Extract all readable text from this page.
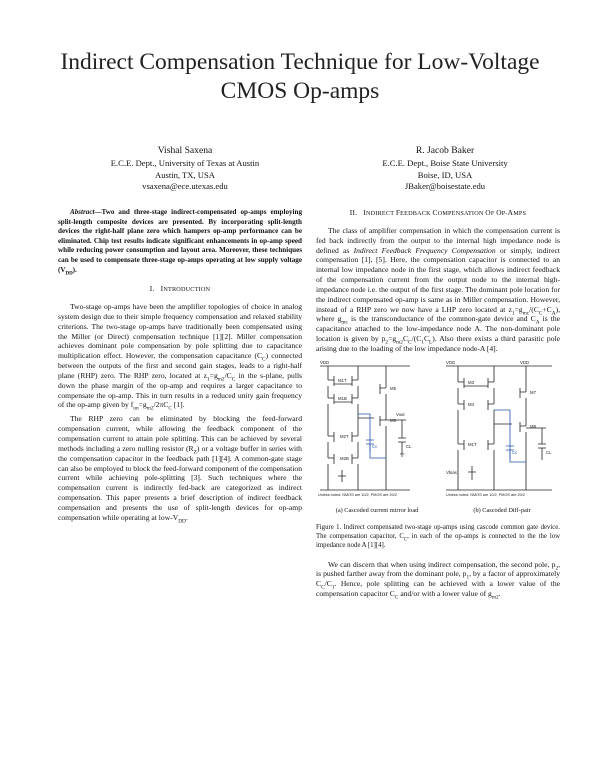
Indirect Compensation Technique for Low-Voltage
CMOS Op-amps
Vishal Saxena
E.C.E. Dept., University of Texas at Austin
Austin, TX, USA
vsaxena@ece.utexas.edu
R. Jacob Baker
E.C.E. Dept., Boise State University
Boise, ID, USA
JBaker@boisestate.edu

Abstract—Two and three-stage indirect-compensated op-amps employing split-length composite devices are presented. By incorporating split-length devices the right-half plane zero which hampers op-amp performance can be eliminated. Chip test results indicate significant enhancements in op-amp speed while reducing power consumption and layout area. Moreover, these techniques can be used to compensate three-stage op-amps operating at low supply voltage $(V_{DD})$.

I. INTRODUCTION

Two-stage op-amps have been the amplifier topologies of choice in analog system design due to their simple frequency compensation and relaxed stability criterions. The two-stage op-amps have traditionally been compensated using the Miller (or Direct) compensation technique [1][2]. Miller compensation achieves dominant pole compensation by pole splitting due to capacitance multiplication effect. However, the compensation capacitance $(C_C)$ connected between the outputs of the first and second gain stages, leads to a right-half plane (RHP) zero. The RHP zero, located at $z_1=g_{m2}/C_C$ in the s-plane, pulls down the phase margin of the op-amp and requires a larger capacitance to compensate the op-amp. This in turn results in a reduced unity gain frequency of the op-amp given by $f_{un}=g_{m2}/2\pi C_C$ [1].

The RHP zero can be eliminated by blocking the feed-forward compensation current, while allowing the feedback component of the compensation current to attain pole splitting. This can be achieved by several methods including a zero nulling resistor $(R_Z)$ or a voltage buffer in series with the compensation capacitor in the feedback path [1][4]. A common-gate stage can also be employed to block the feed-forward component of the compensation current while achieving pole-splitting [3]. Such techniques where the compensation current is indirectly fed-back are categorized as indirect compensation. This paper presents a brief description of indirect feedback compensation and presents the use of split-length devices for op-amp compensation while operating at low-$V_{DD}$.

II. INDIRECT FEEDBACK COMPENSATION OF OP-AMPS

The class of amplifier compensation in which the compensation current is fed back indirectly from the output to the internal high impedance node is defined as Indirect Feedback Frequency Compensation or simply, indirect compensation [1], [5]. Here, the compensation capacitor is connected to an internal low impedance node in the first stage, which allows indirect feedback of the compensation current from the output node to the internal high-impedance node i.e. the output of the first stage. The dominant pole location for the indirect compensated op-amp is same as in Miller compensation. However, instead of a RHP zero we now have a LHP zero located at $z_1=g_{mc}/(C_C+C_A)$, where $g_{mc}$ is the transconductance of the common-gate device and $C_A$ is the capacitance attached to the low-impedance node A. The non-dominant pole location is given by $p_2=g_{m2}C_C/(C_1C_L)$. Also there exists a third parasitic pole arising due to the loading of the low impedance node-A [4].

VDD
M1T
M1B
M2T
M2B
M5
M6
Cc	CL
Vout
Unless noted: NMOS are 10/2, PMOS are 20/2
(a) Cascoded current mirror load
VDD	VDD
M3
M4
M1T
M7
M8
Vbias
Cc	CL
Unless noted: NMOS are 10/2, PMOS are 20/2
(b) Cascoded Diff-pair
Figure 1. Indirect compensated two-stage op-amps using cascode common gate device. The compensation capacitor, $C_C$, in each of the op-amps is connected to the the low impedance node A [1][4].

We can discern that when using indirect compensation, the second pole, $p_2$, is pushed farther away from the dominant pole, $p_1$, by a factor of approximately $C_C/C_1$. Hence, pole splitting can be achieved with a lower value of the compensation capacitor $C_C$ and/or with a lower value of $g_{m2}$.
